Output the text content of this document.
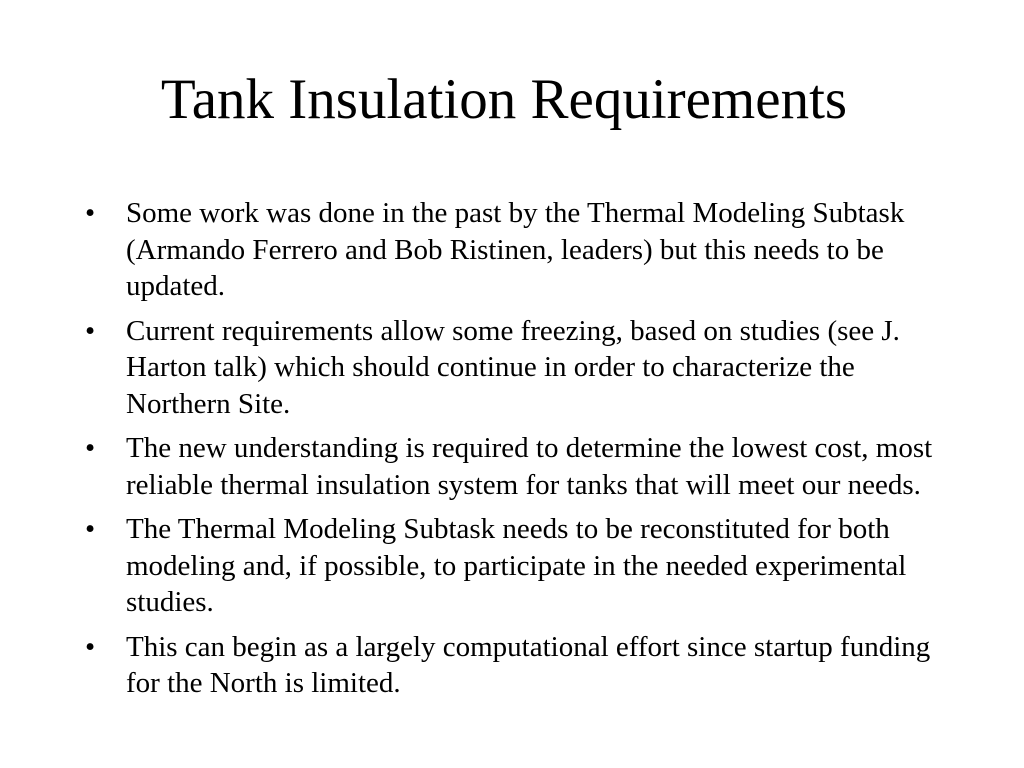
Tank Insulation Requirements
•	Some work was done in the past by the Thermal Modeling Subtask (Armando Ferrero and Bob Ristinen, leaders) but this needs to be updated.
•	Current requirements allow some freezing, based on studies (see J. Harton talk) which should continue in order to characterize the Northern Site.
•	The new understanding is required to determine the lowest cost, most reliable thermal insulation system for tanks that will meet our needs.
•	The Thermal Modeling Subtask needs to be reconstituted for both modeling and, if possible, to participate in the needed experimental studies.
•	This can begin as a largely computational effort since startup funding for the North is limited.
